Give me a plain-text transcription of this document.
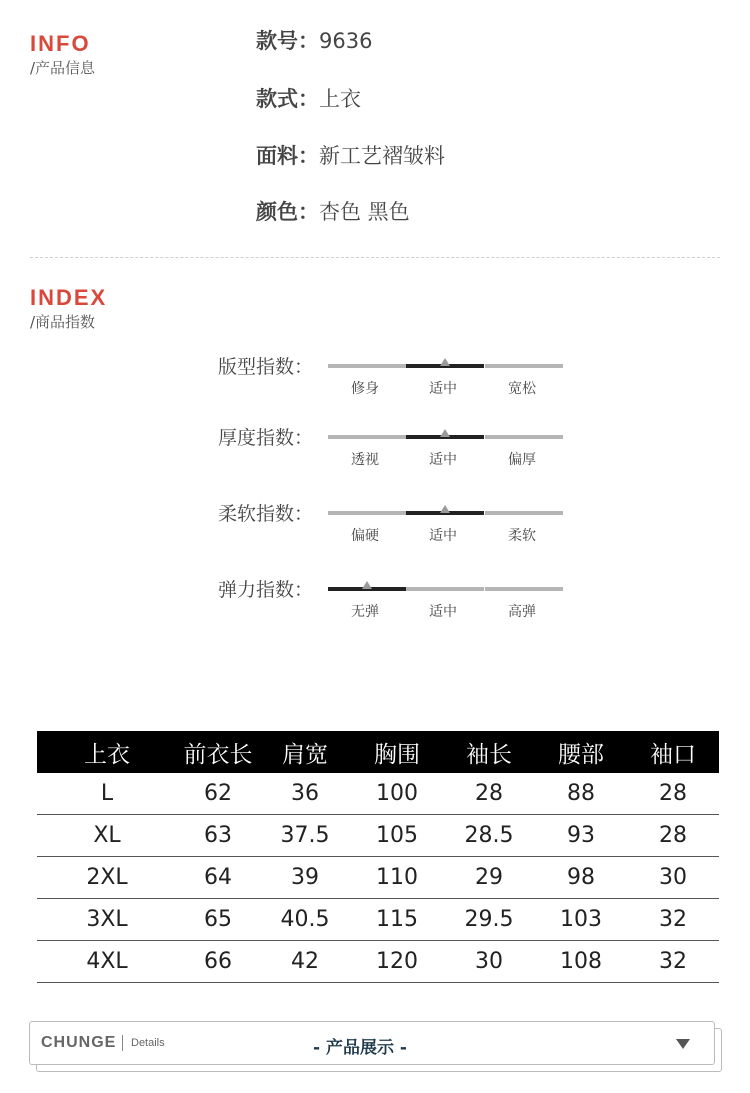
INFO
/产品信息
款号：9636
款式：上衣
面料：新工艺褶皱料
颜色：杏色 黑色
INDEX
/商品指数
版型指数：
修身	适中	宽松
厚度指数：
透视	适中	偏厚
柔软指数：
偏硬	适中	柔软
弹力指数：
无弹	适中	高弹
上衣	前衣长	肩宽	胸围	袖长	腰部	袖口
L	62	36	100	28	88	28
XL	63	37.5	105	28.5	93	28
2XL	64	39	110	29	98	30
3XL	65	40.5	115	29.5	103	32
4XL	66	42	120	30	108	32
CHUNGE Details	- 产品展示 -
